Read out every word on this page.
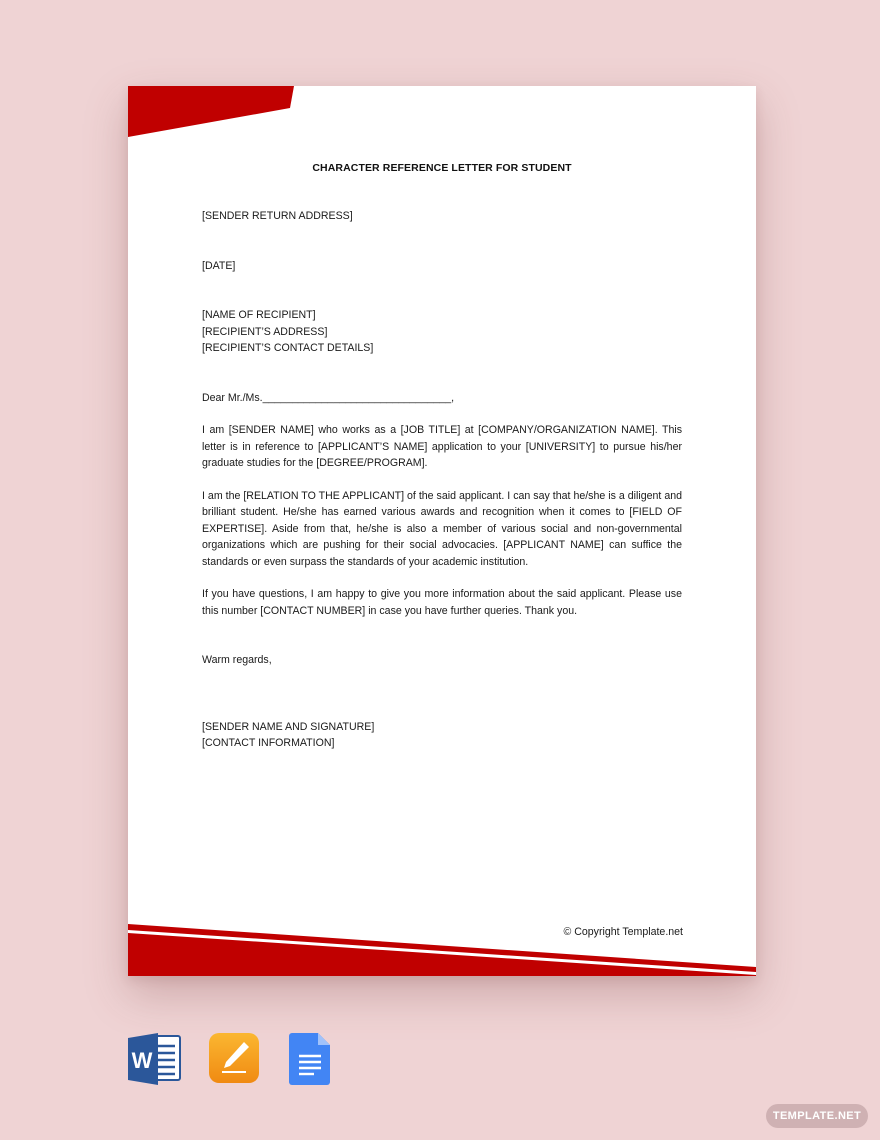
CHARACTER REFERENCE LETTER FOR STUDENT

[SENDER RETURN ADDRESS]

[DATE]

[NAME OF RECIPIENT]

[RECIPIENT’S ADDRESS]

[RECIPIENT’S CONTACT DETAILS]

Dear Mr./Ms.________________________________,

I am [SENDER NAME] who works as a [JOB TITLE] at [COMPANY/ORGANIZATION NAME]. This letter is in reference to [APPLICANT’S NAME] application to your [UNIVERSITY] to pursue his/her graduate studies for the [DEGREE/PROGRAM].

I am the [RELATION TO THE APPLICANT] of the said applicant. I can say that he/she is a diligent and brilliant student. He/she has earned various awards and recognition when it comes to [FIELD OF EXPERTISE]. Aside from that, he/she is also a member of various social and non-governmental organizations which are pushing for their social advocacies. [APPLICANT NAME] can suffice the standards or even surpass the standards of your academic institution.

If you have questions, I am happy to give you more information about the said applicant. Please use this number [CONTACT NUMBER] in case you have further queries. Thank you.

Warm regards,

[SENDER NAME AND SIGNATURE]

[CONTACT INFORMATION]

© Copyright Template.net
W
TEMPLATE.NET
